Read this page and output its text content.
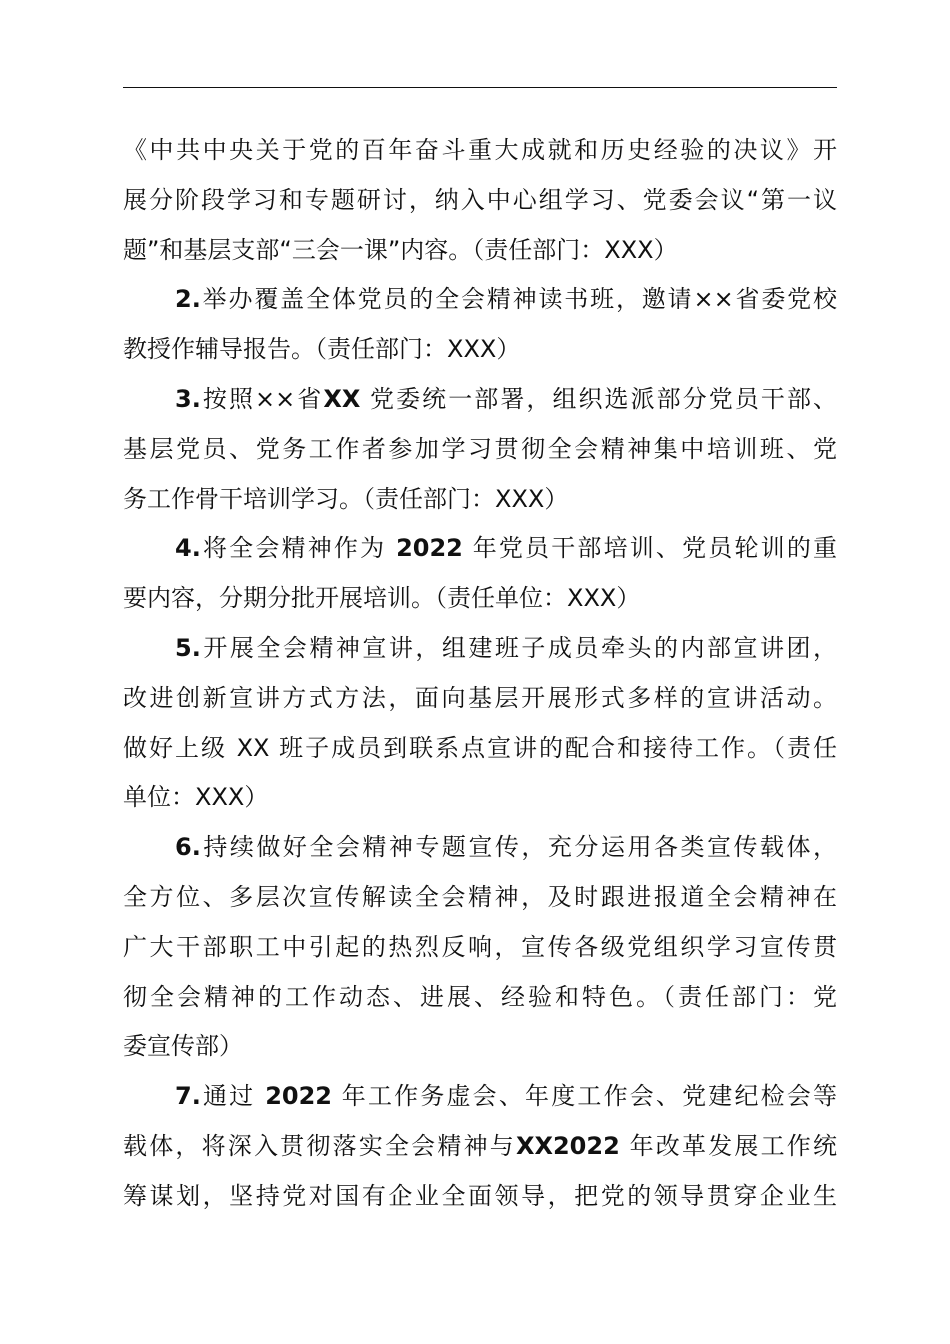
《中共中央关于党的百年奋斗重大成就和历史经验的决议》开
展分阶段学习和专题研讨，纳入中心组学习、党委会议“第一议
题”和基层支部“三会一课”内容。（责任部门：XXX）
2.举办覆盖全体党员的全会精神读书班，邀请××省委党校
教授作辅导报告。（责任部门：XXX）
3.按照××省XX 党委统一部署，组织选派部分党员干部、
基层党员、党务工作者参加学习贯彻全会精神集中培训班、党
务工作骨干培训学习。（责任部门：XXX）
4.将全会精神作为 2022 年党员干部培训、党员轮训的重
要内容，分期分批开展培训。（责任单位：XXX）
5.开展全会精神宣讲，组建班子成员牵头的内部宣讲团，
改进创新宣讲方式方法，面向基层开展形式多样的宣讲活动。
做好上级 XX 班子成员到联系点宣讲的配合和接待工作。（责任
单位：XXX）
6.持续做好全会精神专题宣传，充分运用各类宣传载体，
全方位、多层次宣传解读全会精神，及时跟进报道全会精神在
广大干部职工中引起的热烈反响，宣传各级党组织学习宣传贯
彻全会精神的工作动态、进展、经验和特色。（责任部门：党
委宣传部）
7.通过 2022 年工作务虚会、年度工作会、党建纪检会等
载体，将深入贯彻落实全会精神与XX2022 年改革发展工作统
筹谋划，坚持党对国有企业全面领导，把党的领导贯穿企业生
